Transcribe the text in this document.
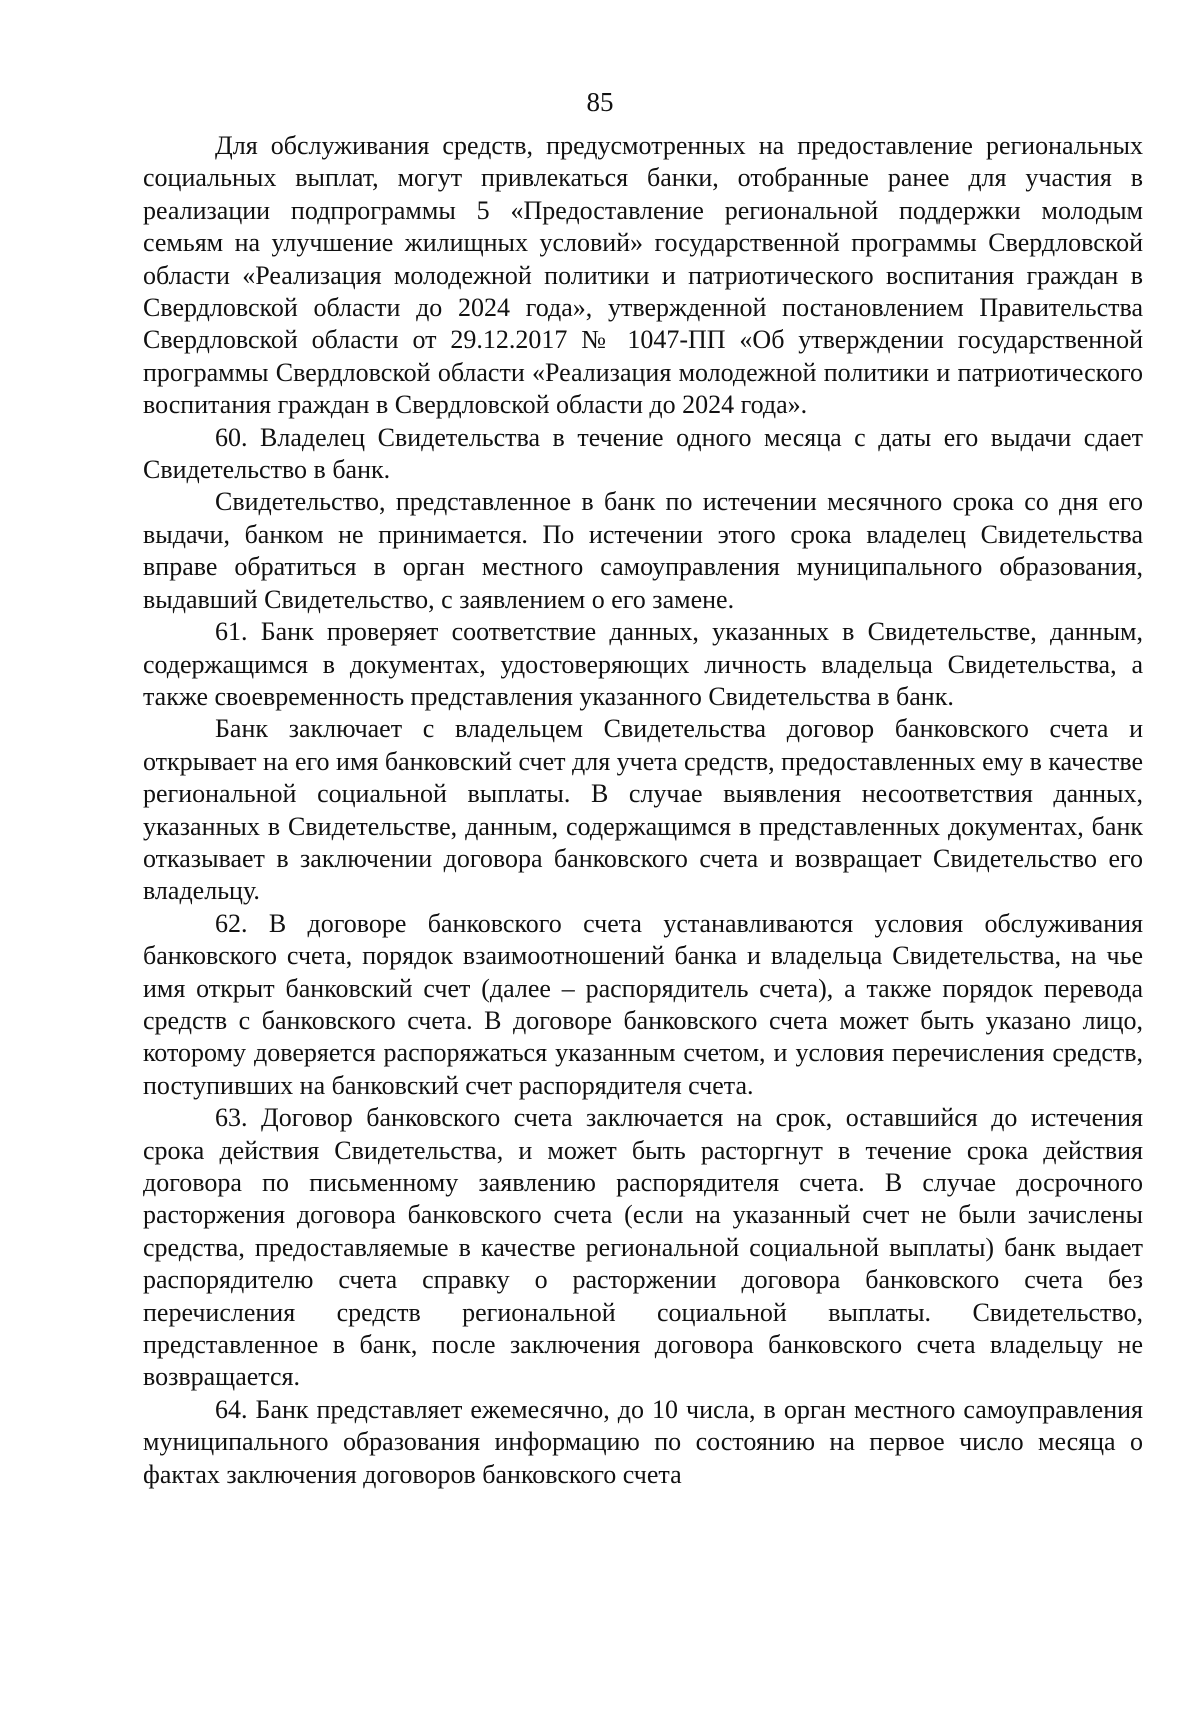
85

Для обслуживания средств, предусмотренных на предоставление региональных социальных выплат, могут привлекаться банки, отобранные ранее для участия в реализации подпрограммы 5 «Предоставление региональной поддержки молодым семьям на улучшение жилищных условий» государственной программы Свердловской области «Реализация молодежной политики и патриотического воспитания граждан в Свердловской области до 2024 года», утвержденной постановлением Правительства Свердловской области от 29.12.2017 № 1047-ПП «Об утверждении государственной программы Свердловской области «Реализация молодежной политики и патриотического воспитания граждан в Свердловской области до 2024 года».

60. Владелец Свидетельства в течение одного месяца с даты его выдачи сдает Свидетельство в банк.

Свидетельство, представленное в банк по истечении месячного срока со дня его выдачи, банком не принимается. По истечении этого срока владелец Свидетельства вправе обратиться в орган местного самоуправления муниципального образования, выдавший Свидетельство, с заявлением о его замене.

61. Банк проверяет соответствие данных, указанных в Свидетельстве, данным, содержащимся в документах, удостоверяющих личность владельца Свидетельства, а также своевременность представления указанного Свидетельства в банк.

Банк заключает с владельцем Свидетельства договор банковского счета и открывает на его имя банковский счет для учета средств, предоставленных ему в качестве региональной социальной выплаты. В случае выявления несоответствия данных, указанных в Свидетельстве, данным, содержащимся в представленных документах, банк отказывает в заключении договора банковского счета и возвращает Свидетельство его владельцу.

62. В договоре банковского счета устанавливаются условия обслуживания банковского счета, порядок взаимоотношений банка и владельца Свидетельства, на чье имя открыт банковский счет (далее – распорядитель счета), а также порядок перевода средств с банковского счета. В договоре банковского счета может быть указано лицо, которому доверяется распоряжаться указанным счетом, и условия перечисления средств, поступивших на банковский счет распорядителя счета.

63. Договор банковского счета заключается на срок, оставшийся до истечения срока действия Свидетельства, и может быть расторгнут в течение срока действия договора по письменному заявлению распорядителя счета. В случае досрочного расторжения договора банковского счета (если на указанный счет не были зачислены средства, предоставляемые в качестве региональной социальной выплаты) банк выдает распорядителю счета справку о расторжении договора банковского счета без перечисления средств региональной социальной выплаты. Свидетельство, представленное в банк, после заключения договора банковского счета владельцу не возвращается.

64. Банк представляет ежемесячно, до 10 числа, в орган местного самоуправления муниципального образования информацию по состоянию на первое число месяца о фактах заключения договоров банковского счета
